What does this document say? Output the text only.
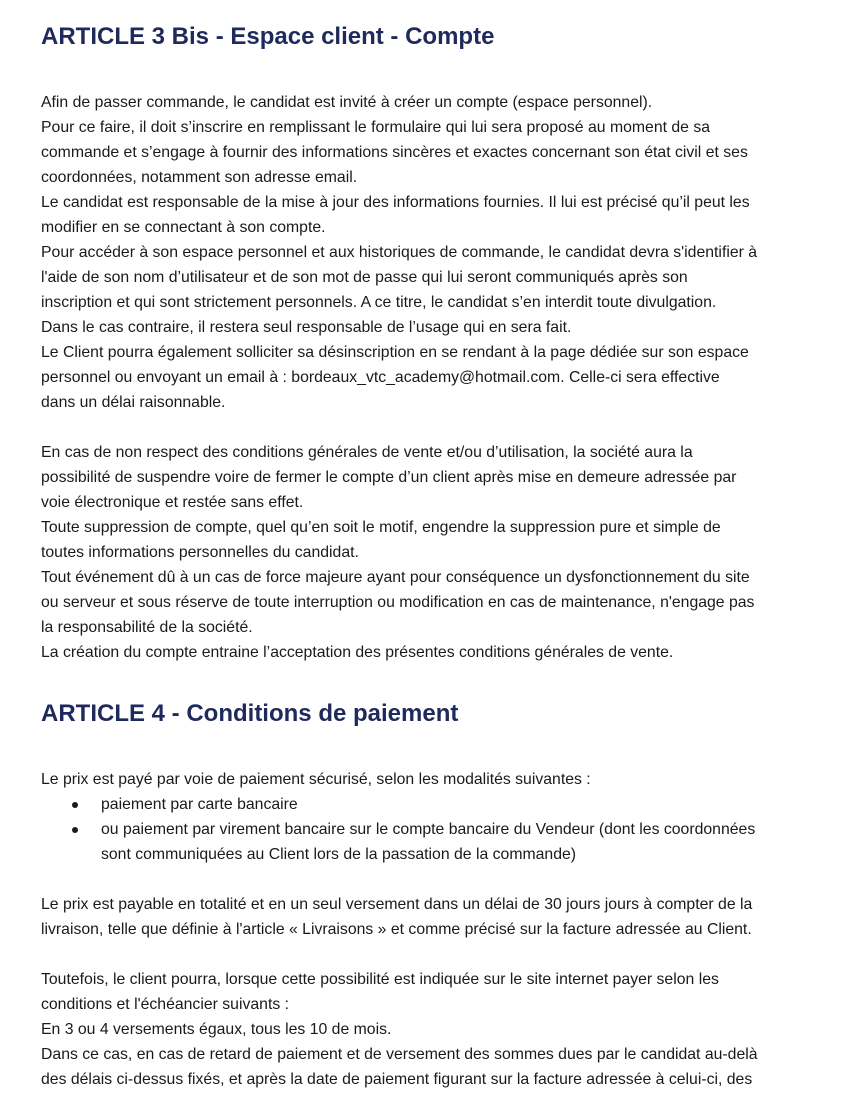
ARTICLE 3 Bis - Espace client - Compte
Afin de passer commande, le candidat est invité à créer un compte (espace personnel).
Pour ce faire, il doit s’inscrire en remplissant le formulaire qui lui sera proposé au moment de sa
commande et s’engage à fournir des informations sincères et exactes concernant son état civil et ses
coordonnées, notamment son adresse email.
Le candidat est responsable de la mise à jour des informations fournies. Il lui est précisé qu’il peut les
modifier en se connectant à son compte.
Pour accéder à son espace personnel et aux historiques de commande, le candidat devra s'identifier à
l'aide de son nom d’utilisateur et de son mot de passe qui lui seront communiqués après son
inscription et qui sont strictement personnels. A ce titre, le candidat s’en interdit toute divulgation.
Dans le cas contraire, il restera seul responsable de l’usage qui en sera fait.
Le Client pourra également solliciter sa désinscription en se rendant à la page dédiée sur son espace
personnel ou envoyant un email à : bordeaux_vtc_academy@hotmail.com. Celle-ci sera effective
dans un délai raisonnable.
En cas de non respect des conditions générales de vente et/ou d’utilisation, la société aura la
possibilité de suspendre voire de fermer le compte d’un client après mise en demeure adressée par
voie électronique et restée sans effet.
Toute suppression de compte, quel qu’en soit le motif, engendre la suppression pure et simple de
toutes informations personnelles du candidat.
Tout événement dû à un cas de force majeure ayant pour conséquence un dysfonctionnement du site
ou serveur et sous réserve de toute interruption ou modification en cas de maintenance, n'engage pas
la responsabilité de la société.
La création du compte entraine l’acceptation des présentes conditions générales de vente.
ARTICLE 4 - Conditions de paiement
Le prix est payé par voie de paiement sécurisé, selon les modalités suivantes :
paiement par carte bancaire
ou paiement par virement bancaire sur le compte bancaire du Vendeur (dont les coordonnées
sont communiquées au Client lors de la passation de la commande)
Le prix est payable en totalité et en un seul versement dans un délai de 30 jours jours à compter de la
livraison, telle que définie à l'article « Livraisons » et comme précisé sur la facture adressée au Client.
Toutefois, le client pourra, lorsque cette possibilité est indiquée sur le site internet payer selon les
conditions et l'échéancier suivants :
En 3 ou 4 versements égaux, tous les 10 de mois.
Dans ce cas, en cas de retard de paiement et de versement des sommes dues par le candidat au-delà
des délais ci-dessus fixés, et après la date de paiement figurant sur la facture adressée à celui-ci, des
